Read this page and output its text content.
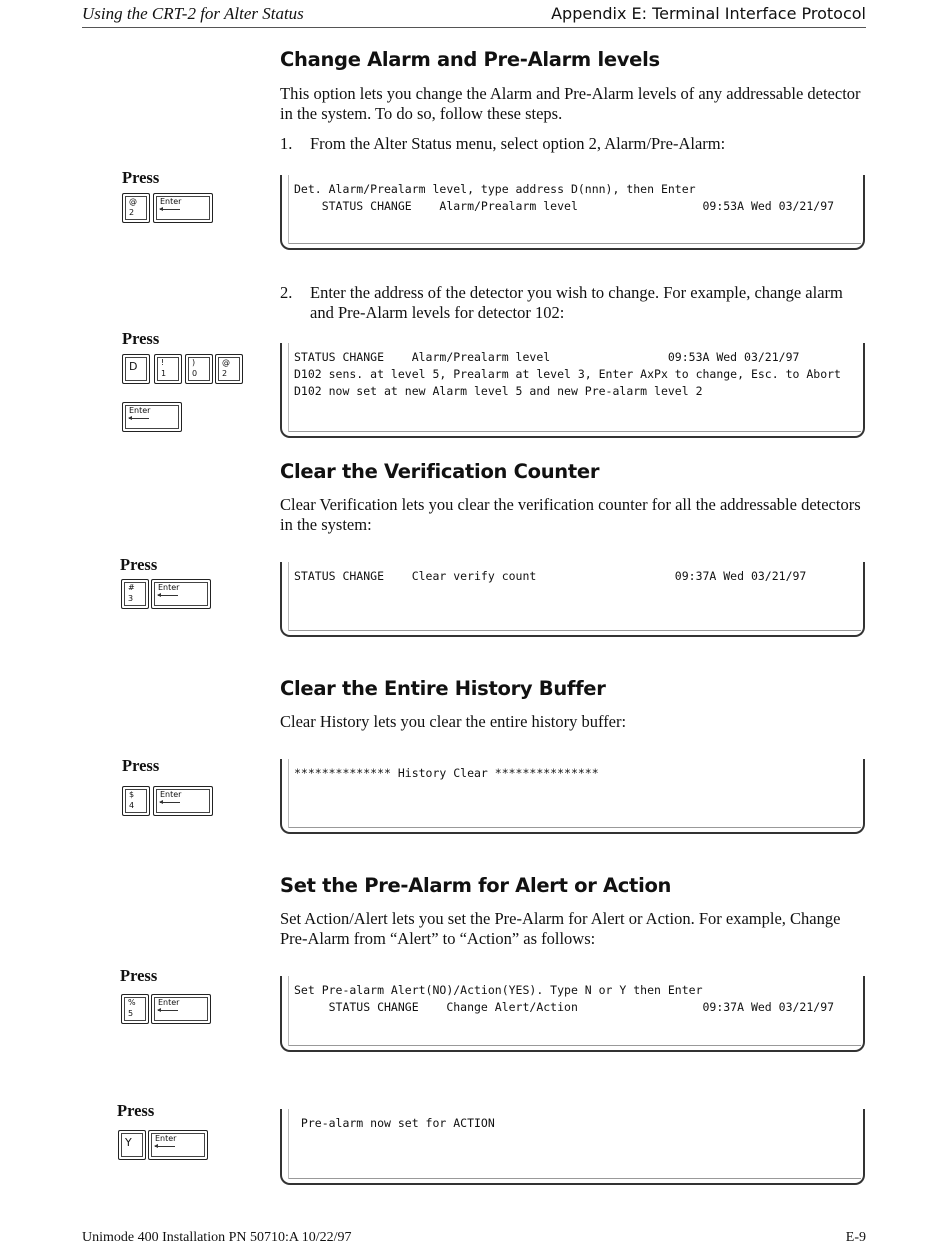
Using the CRT-2 for Alter Status	Appendix E: Terminal Interface Protocol
Change Alarm and Pre-Alarm levels

This option lets you change the Alarm and Pre-Alarm levels of any addressable detector in the system. To do so, follow these steps.

1. From the Alter Status menu, select option 2, Alarm/Pre-Alarm:
Press
@
2
Enter
Det. Alarm/Prealarm level, type address D(nnn), then Enter
STATUS CHANGE    Alarm/Prealarm level                  09:53A Wed 03/21/97
2. Enter the address of the detector you wish to change. For example, change alarm and Pre-Alarm levels for detector 102:
Press
D	!
1
)
0
@
2
Enter
STATUS CHANGE    Alarm/Prealarm level                 09:53A Wed 03/21/97
D102 sens. at level 5, Prealarm at level 3, Enter AxPx to change, Esc. to Abort
D102 now set at new Alarm level 5 and new Pre-alarm level 2
Clear the Verification Counter

Clear Verification lets you clear the verification counter for all the addressable detectors in the system:

Press
#
3
Enter
STATUS CHANGE    Clear verify count                    09:37A Wed 03/21/97
Clear the Entire History Buffer

Clear History lets you clear the entire history buffer:

Press
$
4
Enter
************** History Clear ***************
Set the Pre-Alarm for Alert or Action

Set Action/Alert lets you set the Pre-Alarm for Alert or Action. For example, Change Pre-Alarm from “Alert” to “Action” as follows:

Press
%
5
Enter
Set Pre-alarm Alert(NO)/Action(YES). Type N or Y then Enter
STATUS CHANGE    Change Alert/Action                  09:37A Wed 03/21/97
Press
Y	Enter
Pre-alarm now set for ACTION
Unimode 400 Installation PN 50710:A 10/22/97	E-9
